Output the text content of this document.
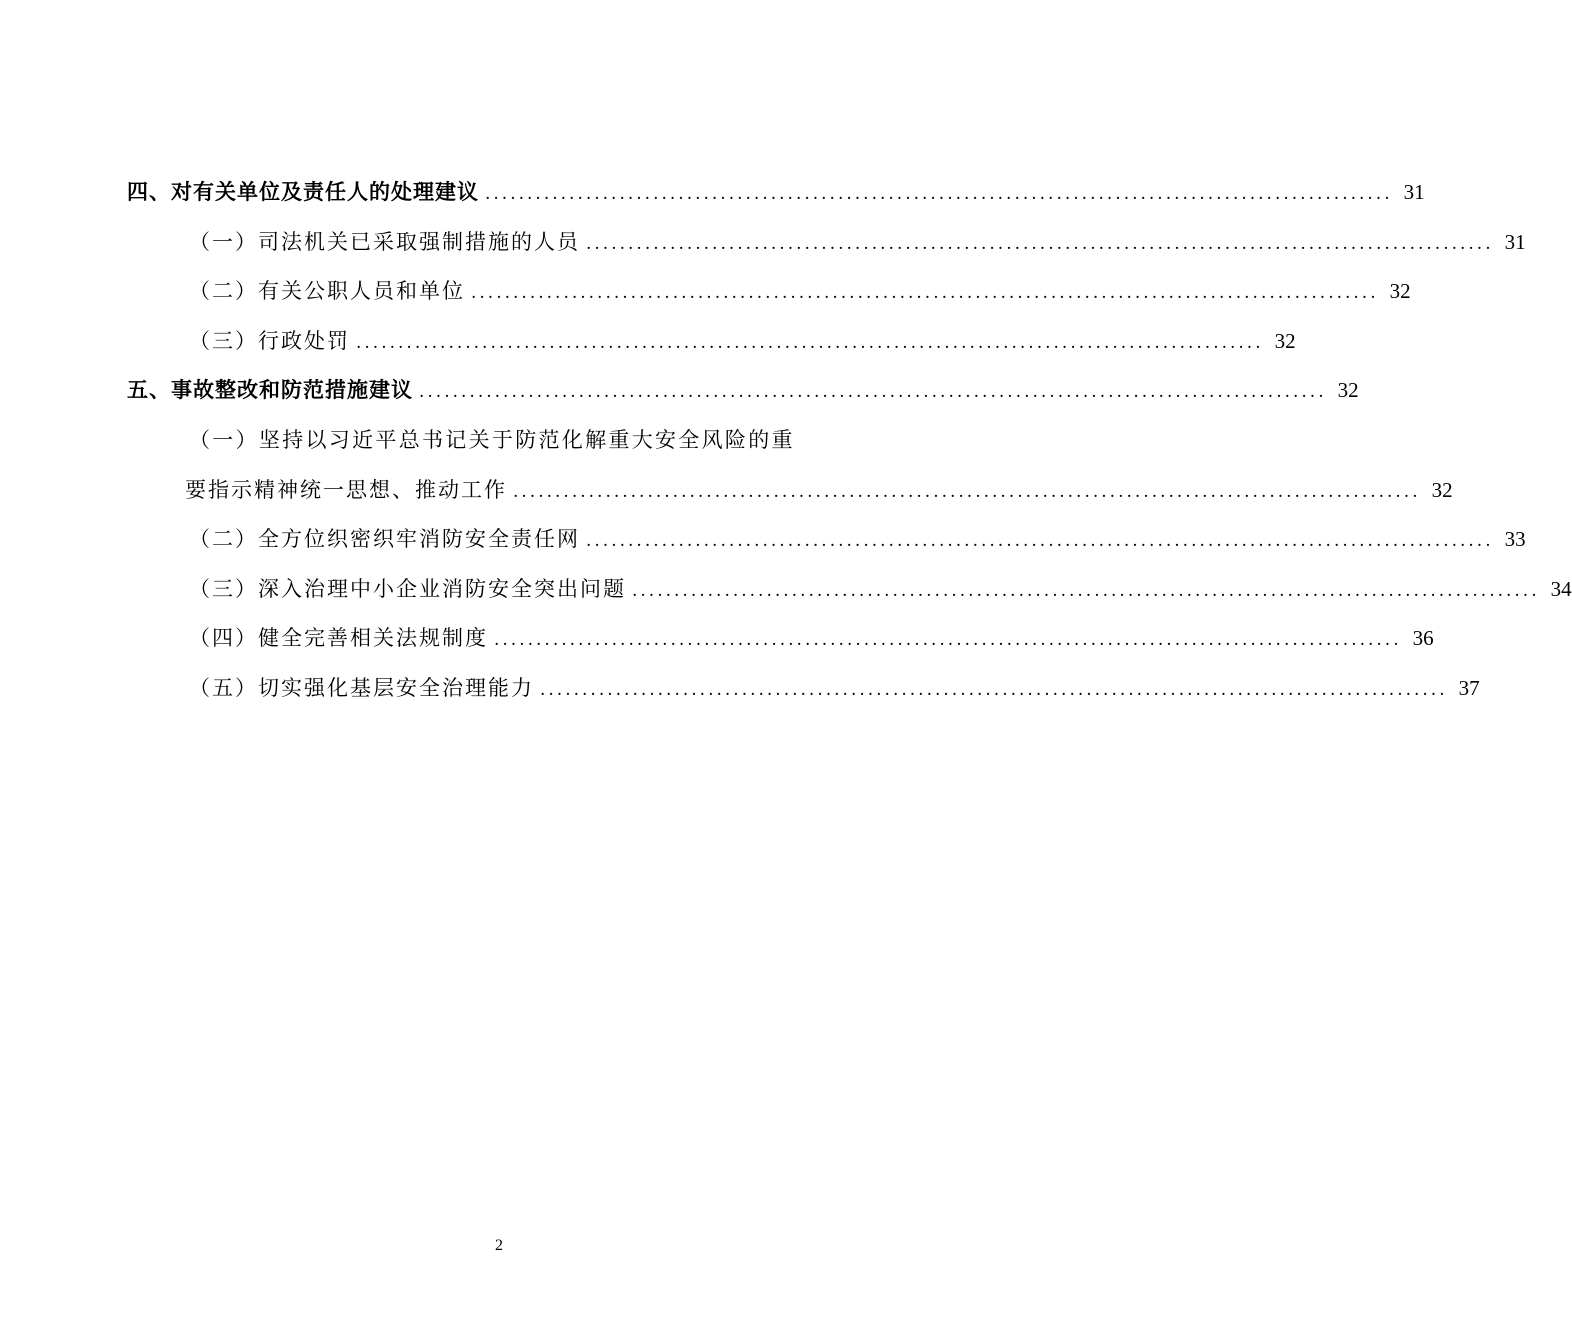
四、对有关单位及责任人的处理建议 ............................................................................................................ 31
（一）司法机关已采取强制措施的人员 ............................................................................................................ 31
（二）有关公职人员和单位 ............................................................................................................ 32
（三）行政处罚 ............................................................................................................ 32
五、事故整改和防范措施建议 ............................................................................................................ 32
（一）坚持以习近平总书记关于防范化解重大安全风险的重
要指示精神统一思想、推动工作 ............................................................................................................ 32
（二）全方位织密织牢消防安全责任网 ............................................................................................................ 33
（三）深入治理中小企业消防安全突出问题 ............................................................................................................ 34
（四）健全完善相关法规制度 ............................................................................................................ 36
（五）切实强化基层安全治理能力 ............................................................................................................ 37
2
